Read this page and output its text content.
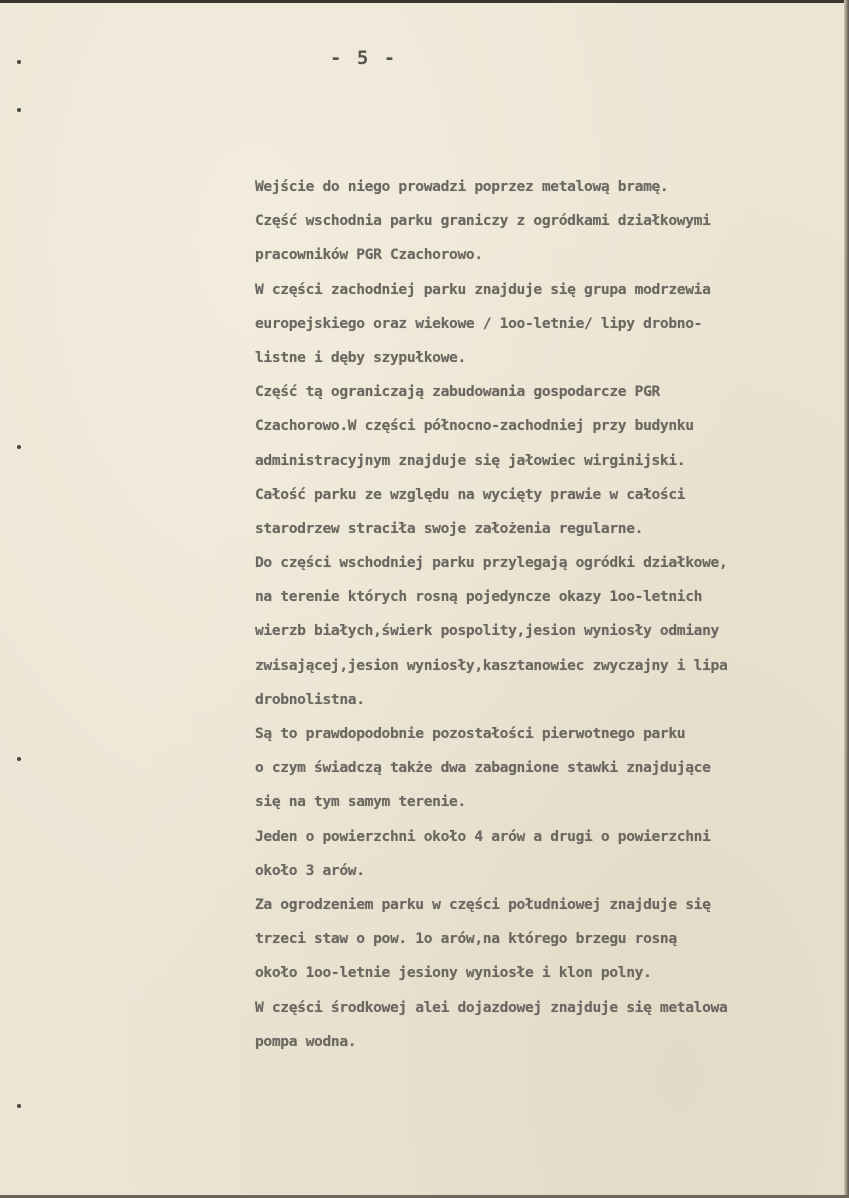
- 5 -
Wejście do niego prowadzi poprzez metalową bramę.
Część wschodnia parku graniczy z ogródkami działkowymi
pracowników PGR Czachorowo.
W części zachodniej parku znajduje się grupa modrzewia
europejskiego oraz wiekowe / 1oo-letnie/ lipy drobno-
listne i dęby szypułkowe.
Część tą ograniczają zabudowania gospodarcze PGR
Czachorowo.W części północno-zachodniej przy budynku
administracyjnym znajduje się jałowiec wirginijski.
Całość parku ze względu na wycięty prawie w całości
starodrzew straciła swoje założenia regularne.
Do części wschodniej parku przylegają ogródki działkowe,
na terenie których rosną pojedyncze okazy 1oo-letnich
wierzb białych,świerk pospolity,jesion wyniosły odmiany
zwisającej,jesion wyniosły,kasztanowiec zwyczajny i lipa
drobnolistna.
Są to prawdopodobnie pozostałości pierwotnego parku
o czym świadczą także dwa zabagnione stawki znajdujące
się na tym samym terenie.
Jeden o powierzchni około 4 arów a drugi o powierzchni
około 3 arów.
Za ogrodzeniem parku w części południowej znajduje się
trzeci staw o pow. 1o arów,na którego brzegu rosną
około 1oo-letnie jesiony wyniosłe i klon polny.
W części środkowej alei dojazdowej znajduje się metalowa
pompa wodna.
